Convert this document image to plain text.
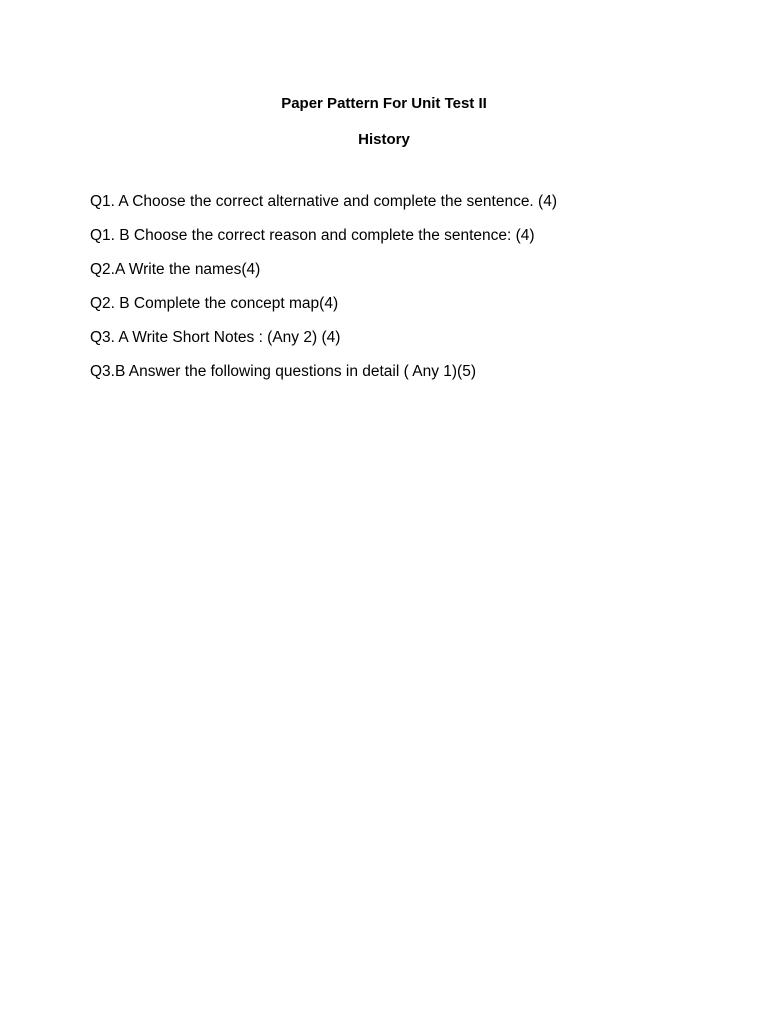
Paper Pattern For Unit Test II
History
Q1. A Choose the correct alternative and complete the sentence. (4)
Q1. B Choose the correct reason and complete the sentence: (4)
Q2.A Write the names(4)
Q2. B Complete the concept map(4)
Q3. A Write Short Notes : (Any 2) (4)
Q3.B Answer the following questions in detail ( Any 1)(5)
